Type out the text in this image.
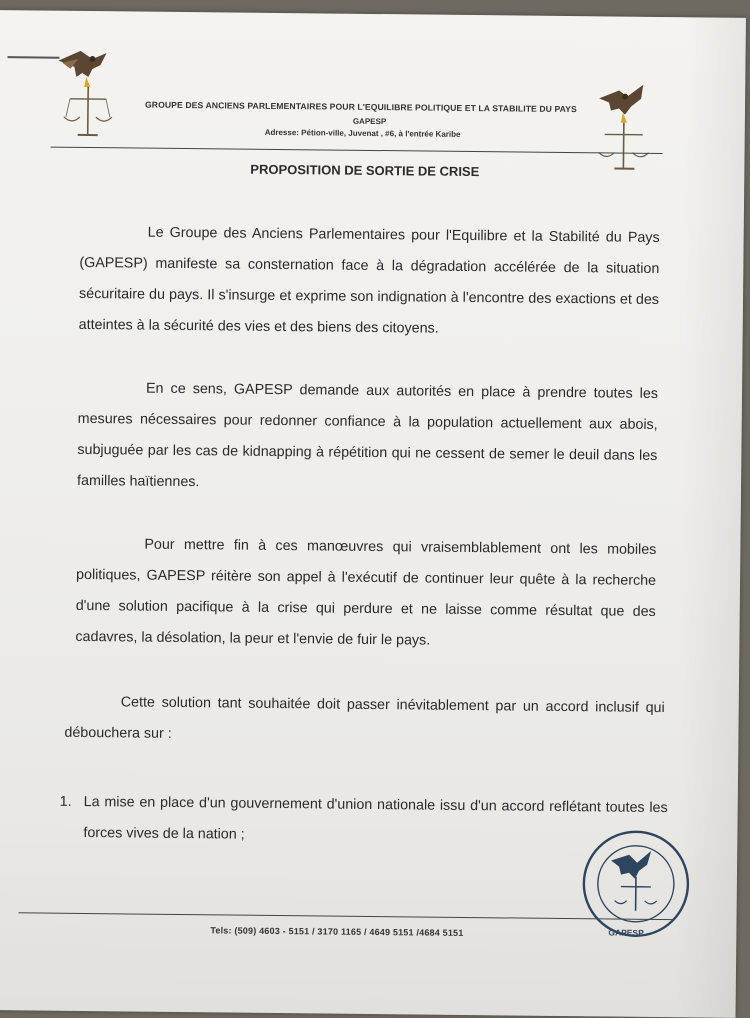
GROUPE DES ANCIENS PARLEMENTAIRES POUR L'EQUILIBRE POLITIQUE ET LA STABILITE DU PAYS
GAPESP
Adresse: Pétion-ville, Juvenat , #6, à l'entrée Karibe
PROPOSITION DE SORTIE DE CRISE
Le Groupe des Anciens Parlementaires pour l'Equilibre et la Stabilité du Pays (GAPESP) manifeste sa consternation face à la dégradation accélérée de la situation sécuritaire du pays. Il s'insurge et exprime son indignation à l'encontre des exactions et des atteintes à la sécurité des vies et des biens des citoyens.
En ce sens, GAPESP demande aux autorités en place à prendre toutes les mesures nécessaires pour redonner confiance à la population actuellement aux abois, subjuguée par les cas de kidnapping à répétition qui ne cessent de semer le deuil dans les familles haïtiennes.
Pour mettre fin à ces manœuvres qui vraisemblablement ont les mobiles politiques, GAPESP réitère son appel à l'exécutif de continuer leur quête à la recherche d'une solution pacifique à la crise qui perdure et ne laisse comme résultat que des cadavres, la désolation, la peur et l'envie de fuir le pays.
Cette solution tant souhaitée doit passer inévitablement par un accord inclusif qui débouchera sur :
1. La mise en place d'un gouvernement d'union nationale issu d'un accord reflétant toutes les forces vives de la nation ;
Tels: (509) 4603 - 5151 / 3170 1165 / 4649 5151 /4684 5151	GAPESP
